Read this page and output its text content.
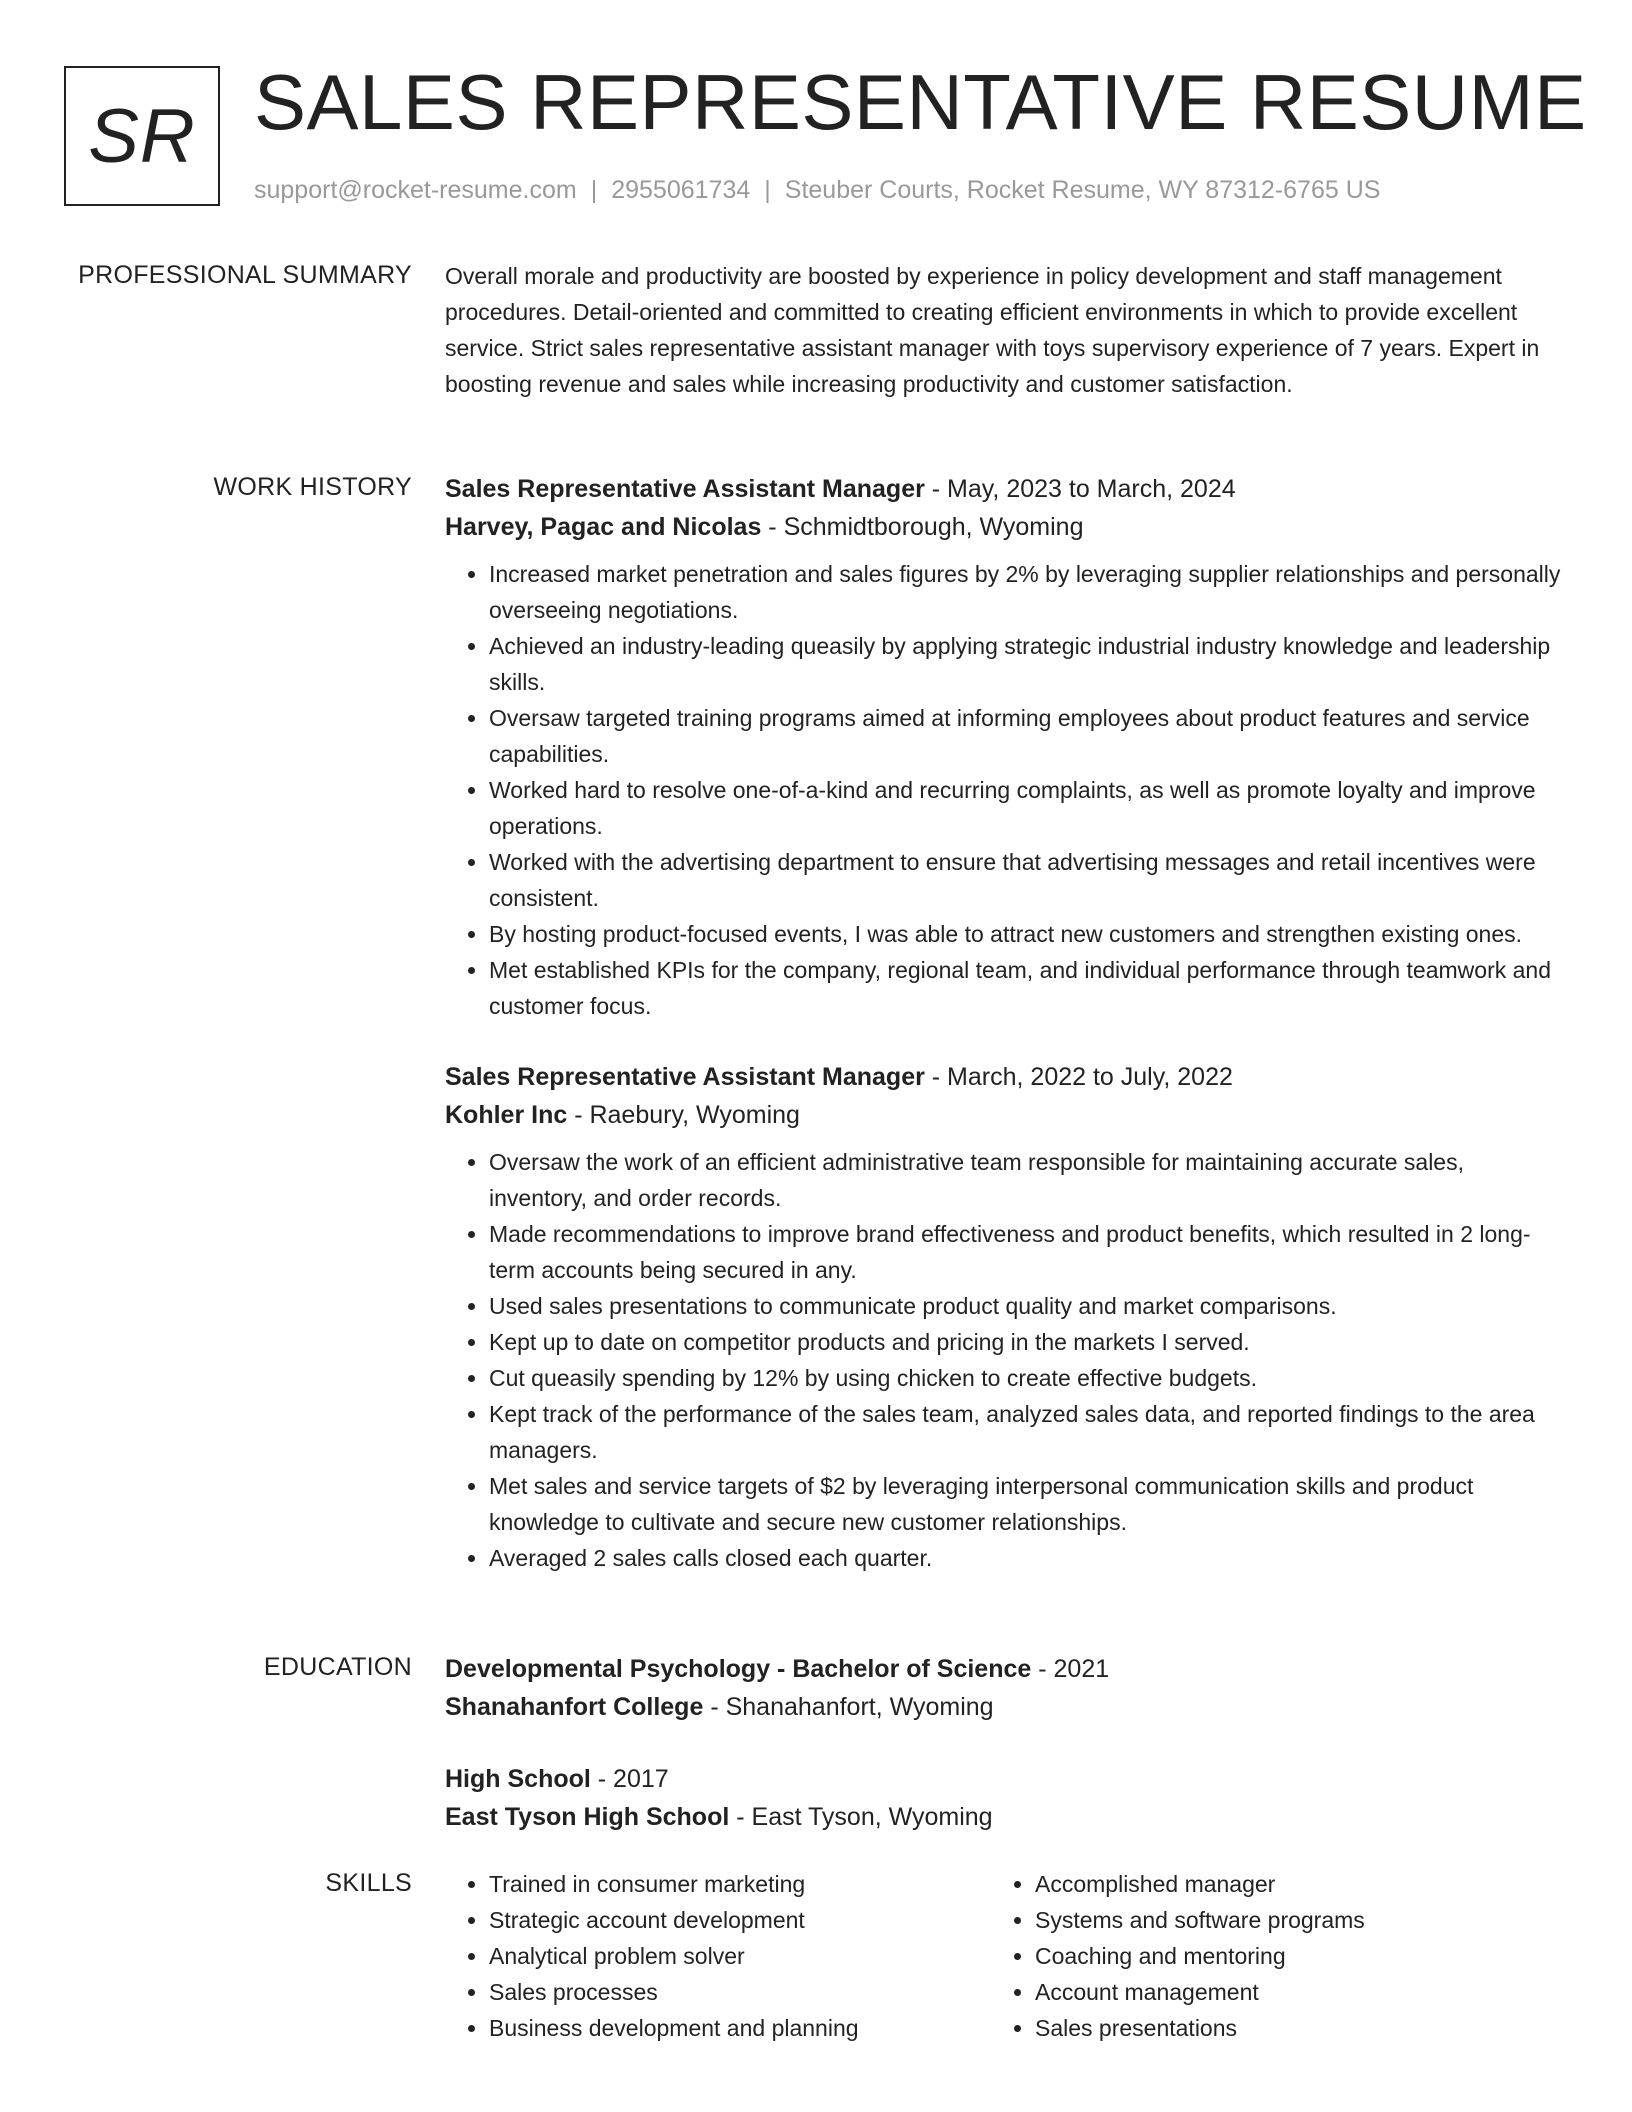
SR SALES REPRESENTATIVE RESUME
support@rocket-resume.com | 2955061734 | Steuber Courts, Rocket Resume, WY 87312-6765 US
PROFESSIONAL SUMMARY Overall morale and productivity are boosted by experience in policy development and staff management procedures. Detail-oriented and committed to creating efficient environments in which to provide excellent service. Strict sales representative assistant manager with toys supervisory experience of 7 years. Expert in boosting revenue and sales while increasing productivity and customer satisfaction.

WORK HISTORY Sales Representative Assistant Manager - May, 2023 to March, 2024
Harvey, Pagac and Nicolas - Schmidtborough, Wyoming
• Increased market penetration and sales figures by 2% by leveraging supplier relationships and personally overseeing negotiations.
• Achieved an industry-leading queasily by applying strategic industrial industry knowledge and leadership skills.
• Oversaw targeted training programs aimed at informing employees about product features and service capabilities.
• Worked hard to resolve one-of-a-kind and recurring complaints, as well as promote loyalty and improve operations.
• Worked with the advertising department to ensure that advertising messages and retail incentives were consistent.
• By hosting product-focused events, I was able to attract new customers and strengthen existing ones.
• Met established KPIs for the company, regional team, and individual performance through teamwork and customer focus.
Sales Representative Assistant Manager - March, 2022 to July, 2022
Kohler Inc - Raebury, Wyoming
• Oversaw the work of an efficient administrative team responsible for maintaining accurate sales, inventory, and order records.
• Made recommendations to improve brand effectiveness and product benefits, which resulted in 2 long-term accounts being secured in any.
• Used sales presentations to communicate product quality and market comparisons.
• Kept up to date on competitor products and pricing in the markets I served.
• Cut queasily spending by 12% by using chicken to create effective budgets.
• Kept track of the performance of the sales team, analyzed sales data, and reported findings to the area managers.
• Met sales and service targets of $2 by leveraging interpersonal communication skills and product knowledge to cultivate and secure new customer relationships.
• Averaged 2 sales calls closed each quarter.
EDUCATION Developmental Psychology - Bachelor of Science - 2021
Shanahanfort College - Shanahanfort, Wyoming
High School - 2017
East Tyson High School - East Tyson, Wyoming
SKILLS
•	Trained in consumer marketing
• Strategic account development
• Analytical problem solver
• Sales processes
• Business development and planning
• Accomplished manager
• Systems and software programs
• Coaching and mentoring
• Account management
• Sales presentations
